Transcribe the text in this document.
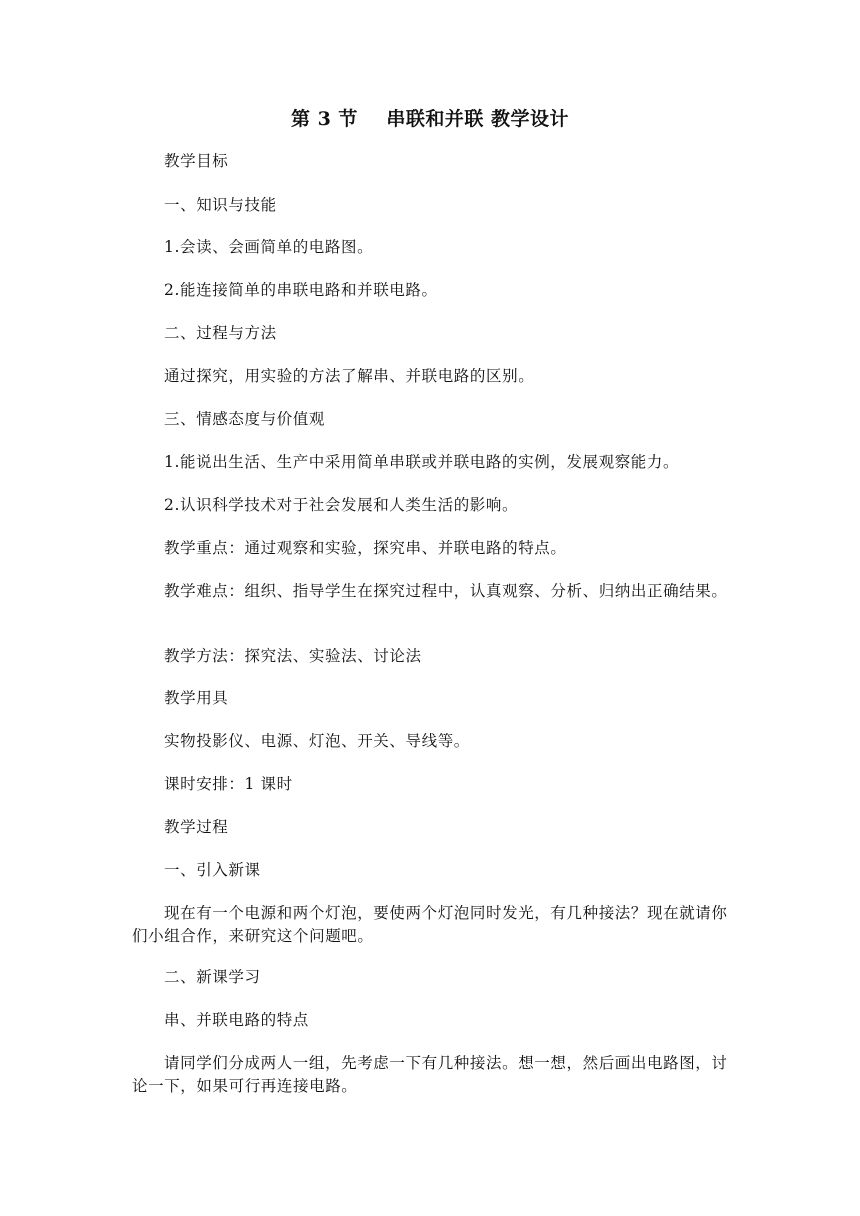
第 3 节    串联和并联 教学设计
教学目标
一、知识与技能
1.会读、会画简单的电路图。
2.能连接简单的串联电路和并联电路。
二、过程与方法
通过探究，用实验的方法了解串、并联电路的区别。
三、情感态度与价值观
1.能说出生活、生产中采用简单串联或并联电路的实例，发展观察能力。
2.认识科学技术对于社会发展和人类生活的影响。
教学重点：通过观察和实验，探究串、并联电路的特点。
教学难点：组织、指导学生在探究过程中，认真观察、分析、归纳出正确结果。
教学方法：探究法、实验法、讨论法
教学用具
实物投影仪、电源、灯泡、开关、导线等。
课时安排：1 课时
教学过程
一、引入新课
现在有一个电源和两个灯泡，要使两个灯泡同时发光，有几种接法？现在就请你们小组合作，来研究这个问题吧。
二、新课学习
串、并联电路的特点
请同学们分成两人一组，先考虑一下有几种接法。想一想，然后画出电路图，讨论一下，如果可行再连接电路。
